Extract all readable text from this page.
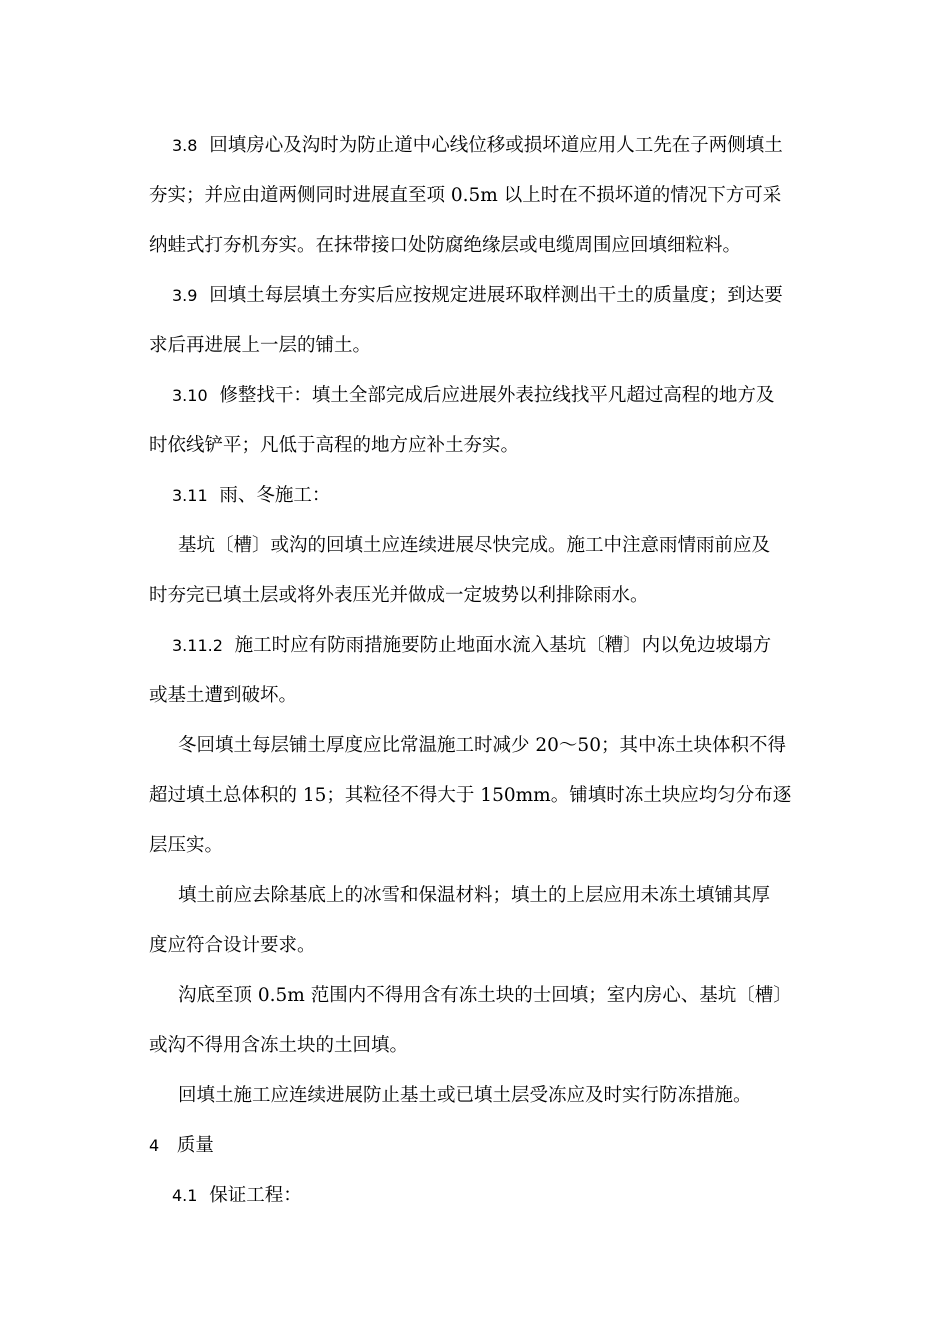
3.8 回填房心及沟时为防止道中心线位移或损坏道应用人工先在子两侧填土
夯实；并应由道两侧同时进展直至项 0.5m 以上时在不损坏道的情况下方可采
纳蛙式打夯机夯实。在抹带接口处防腐绝缘层或电缆周围应回填细粒料。
3.9 回填土每层填土夯实后应按规定进展环取样测出干土的质量度；到达要
求后再进展上一层的铺土。
3.10 修整找干：填土全部完成后应进展外表拉线找平凡超过高程的地方及
时依线铲平；凡低于高程的地方应补土夯实。
3.11 雨、冬施工：
基坑〔槽〕或沟的回填土应连续进展尽快完成。施工中注意雨情雨前应及
时夯完已填土层或将外表压光并做成一定坡势以利排除雨水。
3.11.2 施工时应有防雨措施要防止地面水流入基坑〔糟〕内以免边坡塌方
或基土遭到破坏。
冬回填土每层铺土厚度应比常温施工时减少 20～50；其中冻土块体积不得
超过填土总体积的 15；其粒径不得大于 150mm。铺填时冻土块应均匀分布逐
层压实。
填土前应去除基底上的冰雪和保温材料；填土的上层应用未冻土填铺其厚
度应符合设计要求。
沟底至顶 0.5m 范围内不得用含有冻土块的士回填；室内房心、基坑〔槽〕
或沟不得用含冻土块的土回填。
回填土施工应连续进展防止基土或已填土层受冻应及时实行防冻措施。
4 质量
4.1 保证工程：
